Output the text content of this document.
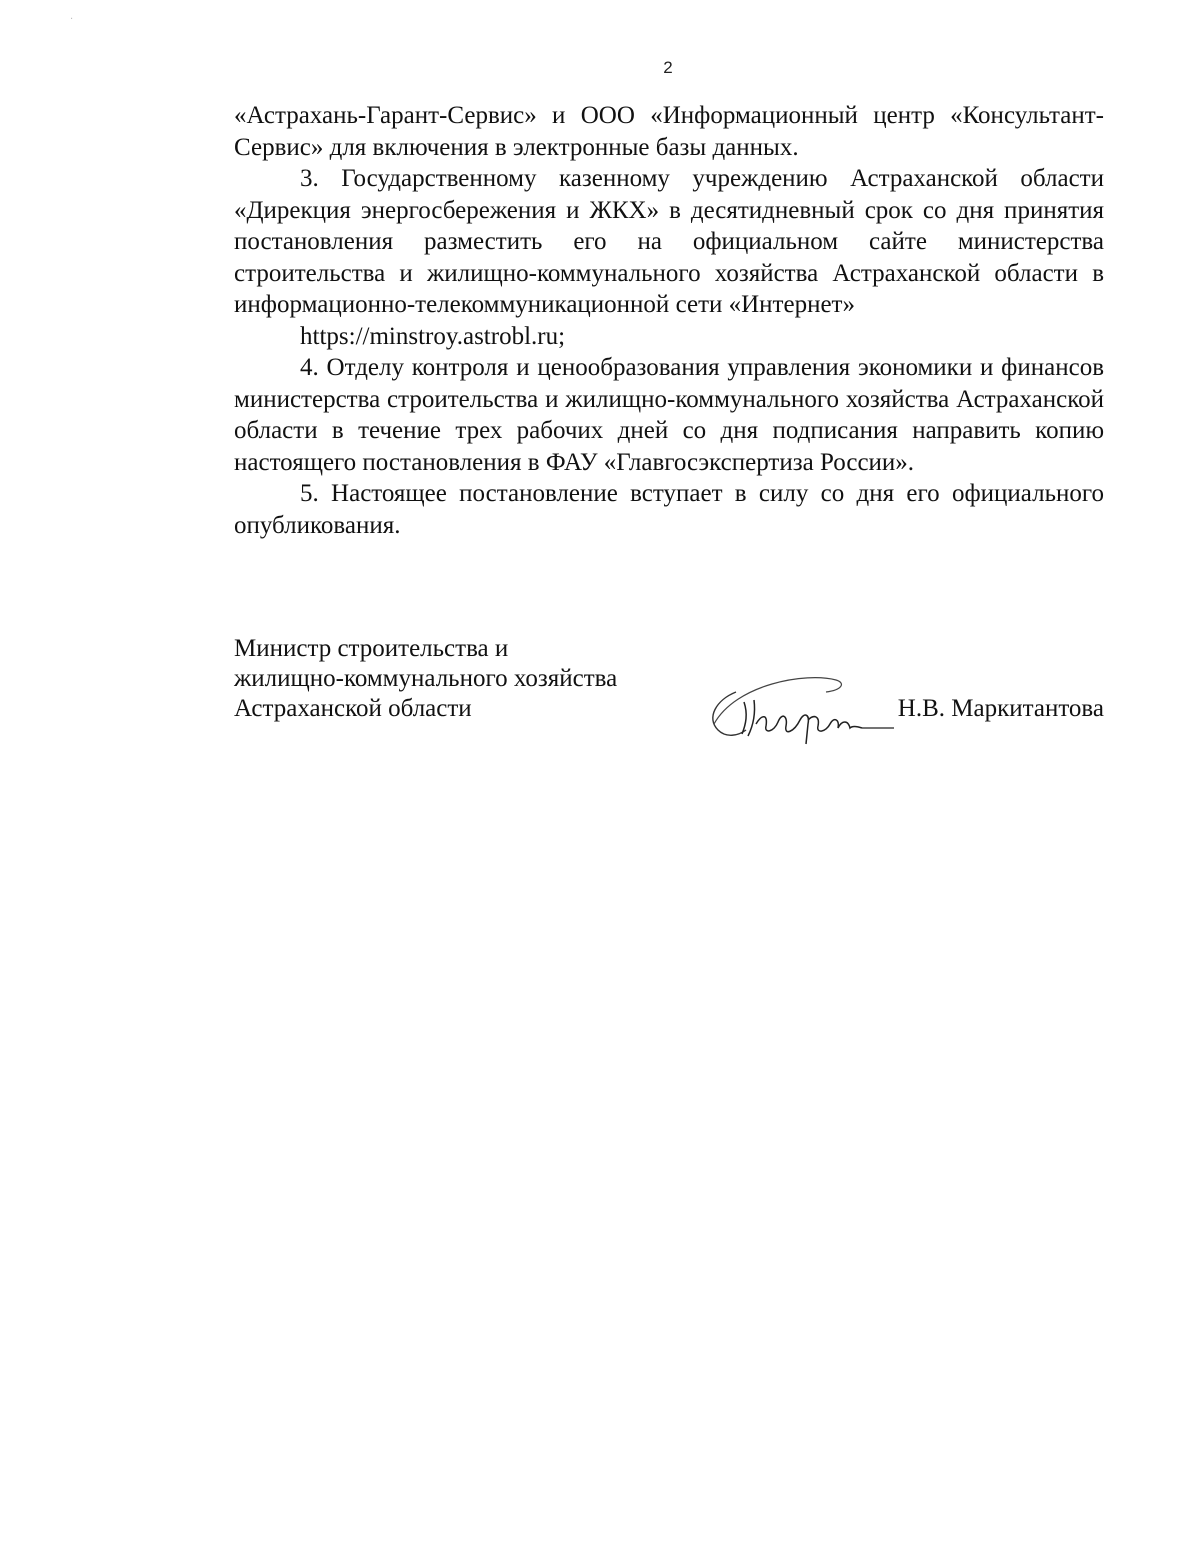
·
2

«Астрахань-Гарант-Сервис» и ООО «Информационный центр «Консультант-Сервис» для включения в электронные базы данных.

3. Государственному казенному учреждению Астраханской области «Дирекция энергосбережения и ЖКХ» в десятидневный срок со дня принятия постановления разместить его на официальном сайте министерства строительства и жилищно-коммунального хозяйства Астраханской области в информационно-телекоммуникационной сети «Интернет»
https://minstroy.astrobl.ru;

4. Отделу контроля и ценообразования управления экономики и финансов министерства строительства и жилищно-коммунального хозяйства Астраханской области в течение трех рабочих дней со дня подписания направить копию настоящего постановления в ФАУ «Главгосэкспертиза России».

5. Настоящее постановление вступает в силу со дня его официального опубликования.

Министр строительства и
жилищно-коммунального хозяйства
Астраханской области	Н.В. Маркитантова
